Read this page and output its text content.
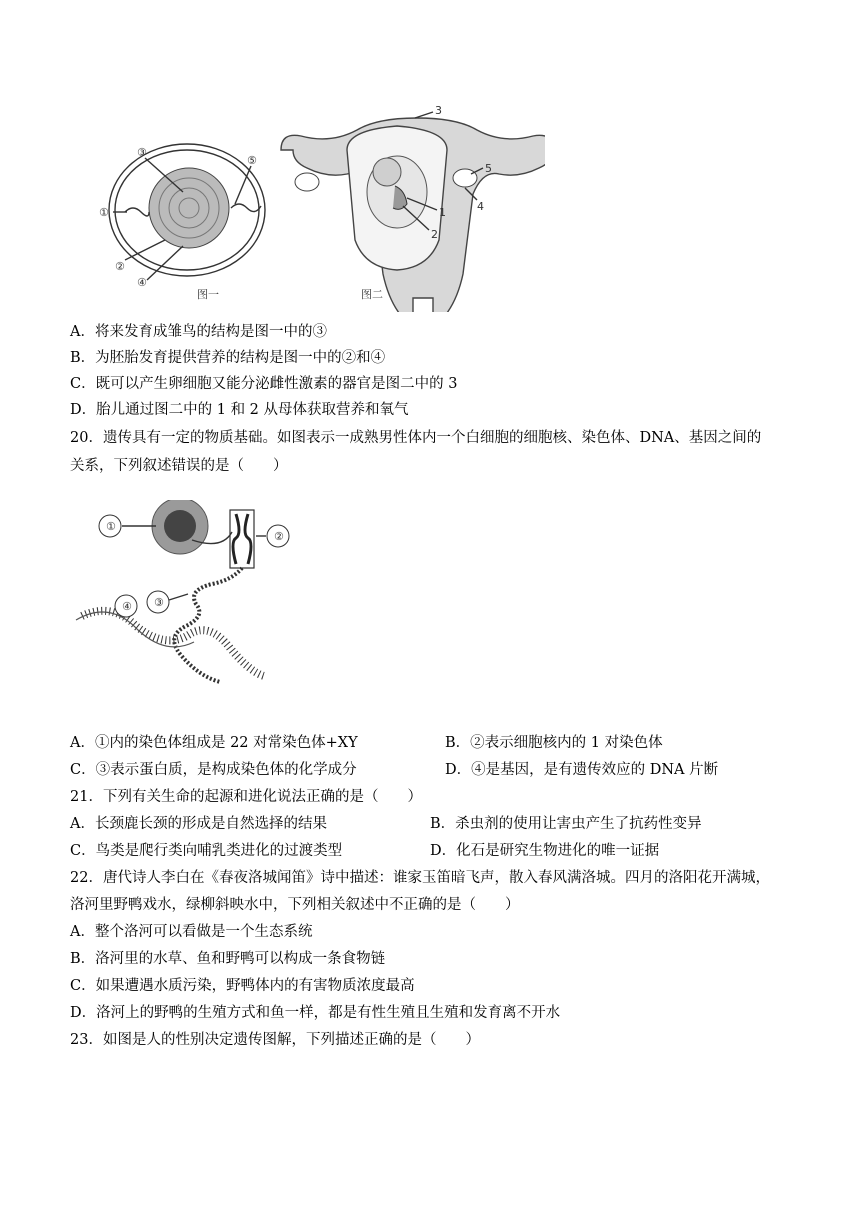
③
⑤
①
②
④
图一
3
5
4
1
2
图二
A．将来发育成雏鸟的结构是图一中的③
B．为胚胎发育提供营养的结构是图一中的②和④
C．既可以产生卵细胞又能分泌雌性激素的器官是图二中的 3
D．胎儿通过图二中的 1 和 2 从母体获取营养和氧气
20．遗传具有一定的物质基础。如图表示一成熟男性体内一个白细胞的细胞核、染色体、DNA、基因之间的
关系，下列叙述错误的是（　　）
①
②
③
④
A．①内的染色体组成是 22 对常染色体+XY	B．②表示细胞核内的 1 对染色体
C．③表示蛋白质，是构成染色体的化学成分	D．④是基因，是有遗传效应的 DNA 片断
21．下列有关生命的起源和进化说法正确的是（　　）
A．长颈鹿长颈的形成是自然选择的结果	B．杀虫剂的使用让害虫产生了抗药性变异
C．鸟类是爬行类向哺乳类进化的过渡类型	D．化石是研究生物进化的唯一证据
22．唐代诗人李白在《春夜洛城闻笛》诗中描述：谁家玉笛暗飞声，散入春风满洛城。四月的洛阳花开满城，
洛河里野鸭戏水，绿柳斜映水中，下列相关叙述中不正确的是（　　）
A．整个洛河可以看做是一个生态系统
B．洛河里的水草、鱼和野鸭可以构成一条食物链
C．如果遭遇水质污染，野鸭体内的有害物质浓度最高
D．洛河上的野鸭的生殖方式和鱼一样，都是有性生殖且生殖和发育离不开水
23．如图是人的性别决定遗传图解，下列描述正确的是（　　）
